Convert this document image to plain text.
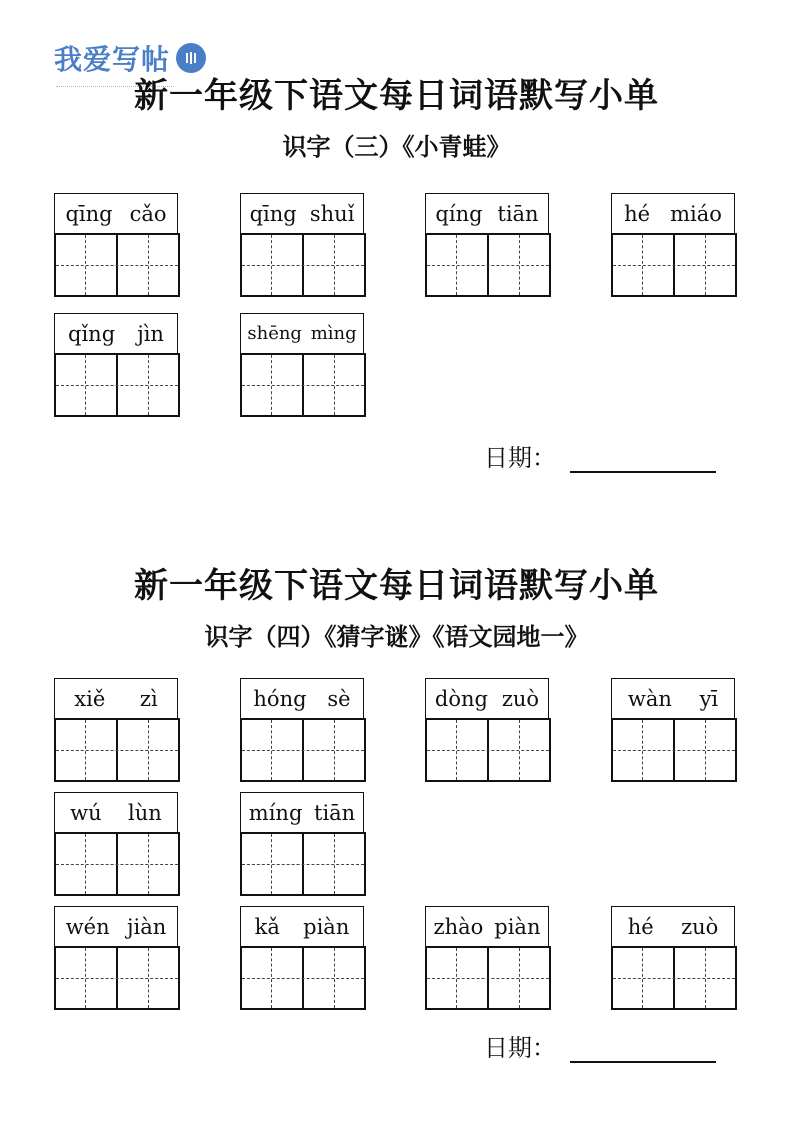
我爱写帖
新一年级下语文每日词语默写小单
识字（三）《小青蛙》
qīng cǎo	qīng shuǐ	qíng tiān	hé miáo
qǐng jìn	shēng mìng
日期：
新一年级下语文每日词语默写小单
识字（四）《猜字谜》《语文园地一》
xiě zì	hóng sè	dòng zuò	wàn yī
wú lùn	míng tiān
wén jiàn	kǎ piàn	zhào piàn	hé zuò
日期：
